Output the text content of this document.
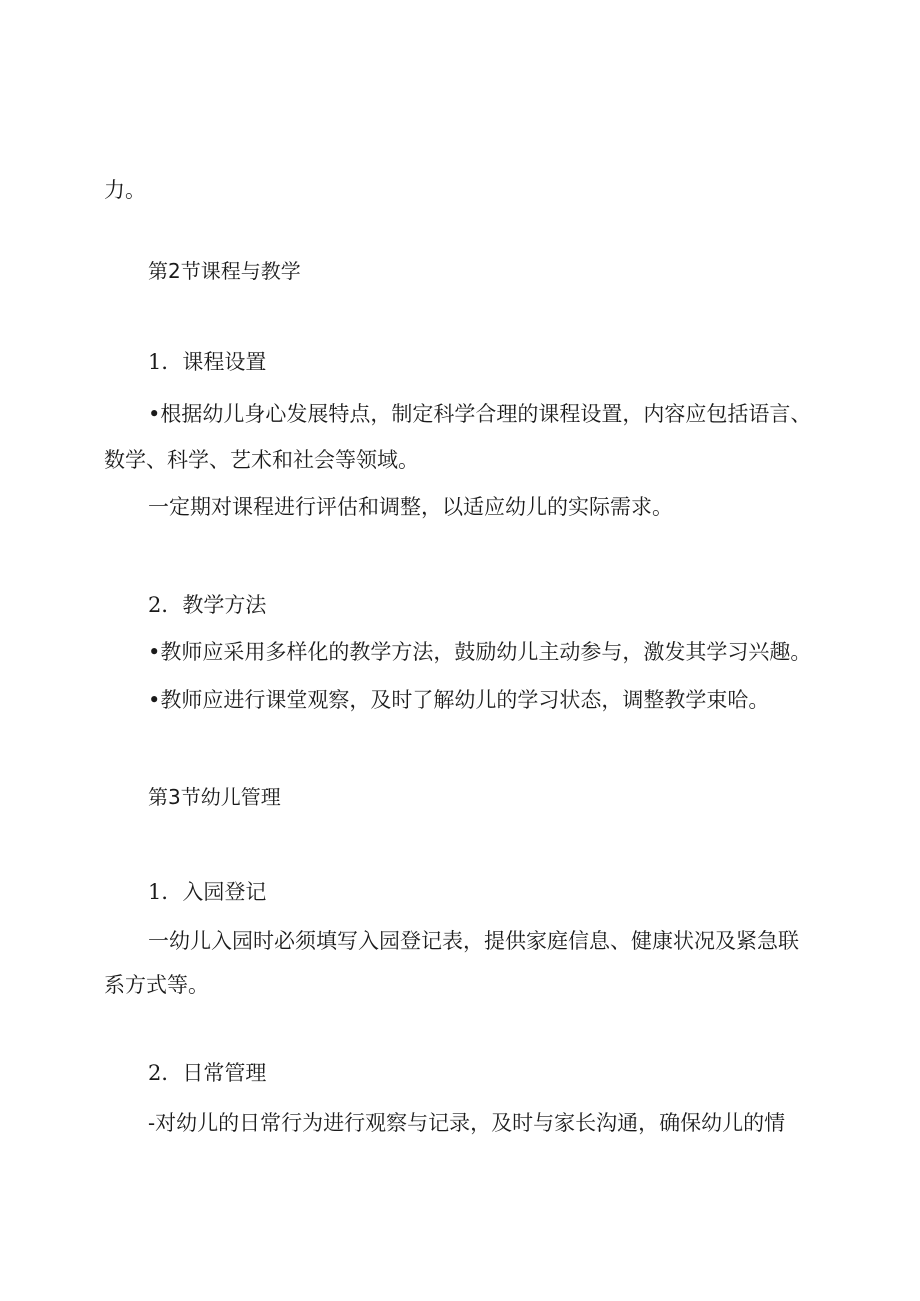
力。
第2节课程与教学
1．课程设置
•根据幼儿身心发展特点，制定科学合理的课程设置，内容应包括语言、
数学、科学、艺术和社会等领域。
一定期对课程进行评估和调整，以适应幼儿的实际需求。
2．教学方法
•教师应采用多样化的教学方法，鼓励幼儿主动参与，激发其学习兴趣。
•教师应进行课堂观察，及时了解幼儿的学习状态，调整教学束哈。
第3节幼儿管理
1．入园登记
一幼儿入园时必须填写入园登记表，提供家庭信息、健康状况及紧急联
系方式等。
2．日常管理
-对幼儿的日常行为进行观察与记录，及时与家长沟通，确保幼儿的情
